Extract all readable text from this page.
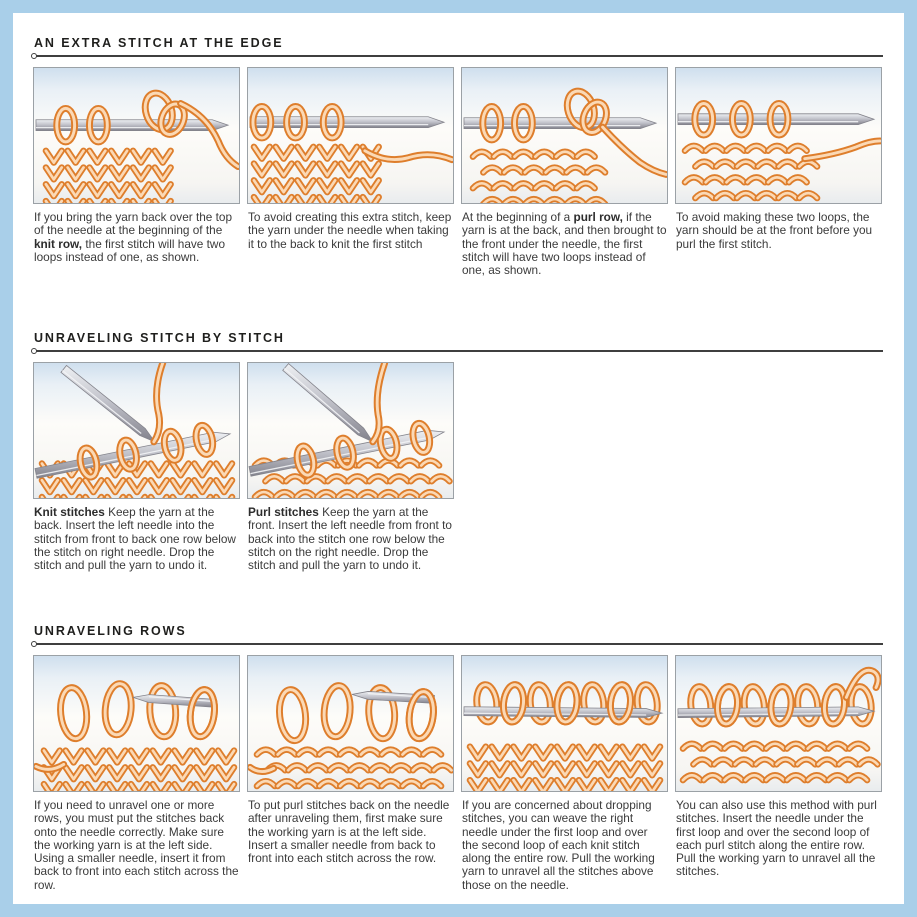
AN EXTRA STITCH AT THE EDGE

If you bring the yarn back over the top of the needle at the beginning of the knit row, the first stitch will have two loops instead of one, as shown.

To avoid creating this extra stitch, keep the yarn under the needle when taking it to the back to knit the first stitch

At the beginning of a purl row, if the yarn is at the back, and then brought to the front under the needle, the first stitch will have two loops instead of one, as shown.

To avoid making these two loops, the yarn should be at the front before you purl the first stitch.

UNRAVELING STITCH BY STITCH

Knit stitches Keep the yarn at the back. Insert the left needle into the stitch from front to back one row below the stitch on right needle. Drop the stitch and pull the yarn to undo it.

Purl stitches Keep the yarn at the front. Insert the left needle from front to back into the stitch one row below the stitch on the right needle. Drop the stitch and pull the yarn to undo it.

UNRAVELING ROWS

If you need to unravel one or more rows, you must put the stitches back onto the needle correctly. Make sure the working yarn is at the left side. Using a smaller needle, insert it from back to front into each stitch across the row.

To put purl stitches back on the needle after unraveling them, first make sure the working yarn is at the left side. Insert a smaller needle from back to front into each stitch across the row.

If you are concerned about dropping stitches, you can weave the right needle under the first loop and over the second loop of each knit stitch along the entire row. Pull the working yarn to unravel all the stitches above those on the needle.

You can also use this method with purl stitches. Insert the needle under the first loop and over the second loop of each purl stitch along the entire row. Pull the working yarn to unravel all the stitches.
